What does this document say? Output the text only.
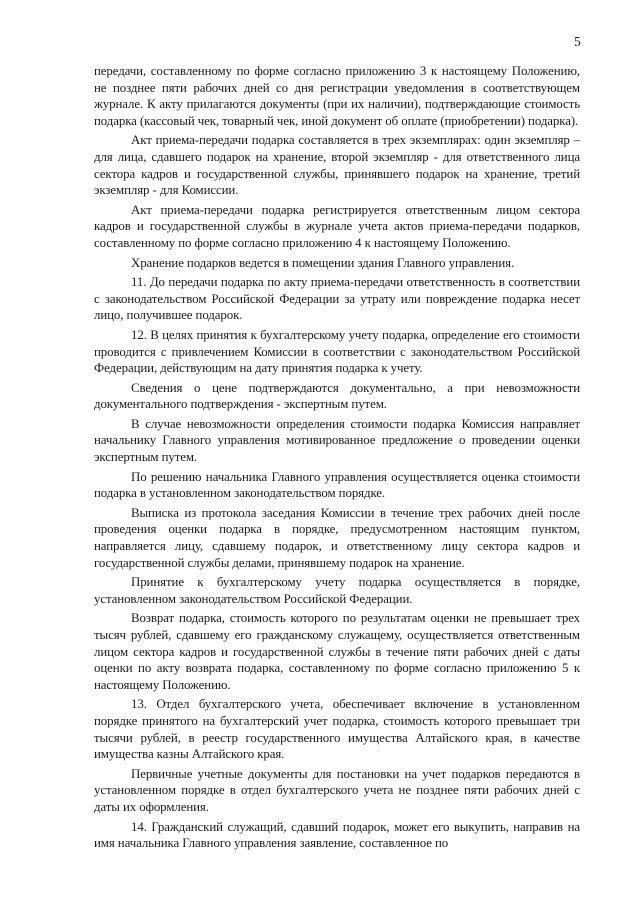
5

передачи, составленному по форме согласно приложению 3 к настоящему Положению, не позднее пяти рабочих дней со дня регистрации уведомления в соответствующем журнале. К акту прилагаются документы (при их наличии), подтверждающие стоимость подарка (кассовый чек, товарный чек, иной документ об оплате (приобретении) подарка).

Акт приема-передачи подарка составляется в трех экземплярах: один экземпляр – для лица, сдавшего подарок на хранение, второй экземпляр - для ответственного лица сектора кадров и государственной службы, принявшего подарок на хранение, третий экземпляр - для Комиссии.

Акт приема-передачи подарка регистрируется ответственным лицом сектора кадров и государственной службы в журнале учета актов приема-передачи подарков, составленному по форме согласно приложению 4 к настоящему Положению.

Хранение подарков ведется в помещении здания Главного управления.

11. До передачи подарка по акту приема-передачи ответственность в соответствии с законодательством Российской Федерации за утрату или повреждение подарка несет лицо, получившее подарок.

12. В целях принятия к бухгалтерскому учету подарка, определение его стоимости проводится с привлечением Комиссии в соответствии с законодательством Российской Федерации, действующим на дату принятия подарка к учету.

Сведения о цене подтверждаются документально, а при невозможности документального подтверждения - экспертным путем.

В случае невозможности определения стоимости подарка Комиссия направляет начальнику Главного управления мотивированное предложение о проведении оценки экспертным путем.

По решению начальника Главного управления осуществляется оценка стоимости подарка в установленном законодательством порядке.

Выписка из протокола заседания Комиссии в течение трех рабочих дней после проведения оценки подарка в порядке, предусмотренном настоящим пунктом, направляется лицу, сдавшему подарок, и ответственному лицу сектора кадров и государственной службы делами, принявшему подарок на хранение.

Принятие к бухгалтерскому учету подарка осуществляется в порядке, установленном законодательством Российской Федерации.

Возврат подарка, стоимость которого по результатам оценки не превышает трех тысяч рублей, сдавшему его гражданскому служащему, осуществляется ответственным лицом сектора кадров и государственной службы в течение пяти рабочих дней с даты оценки по акту возврата подарка, составленному по форме согласно приложению 5 к настоящему Положению.

13. Отдел бухгалтерского учета, обеспечивает включение в установленном порядке принятого на бухгалтерский учет подарка, стоимость которого превышает три тысячи рублей, в реестр государственного имущества Алтайского края, в качестве имущества казны Алтайского края.

Первичные учетные документы для постановки на учет подарков передаются в установленном порядке в отдел бухгалтерского учета не позднее пяти рабочих дней с даты их оформления.

14. Гражданский служащий, сдавший подарок, может его выкупить, направив на имя начальника Главного управления заявление, составленное по
